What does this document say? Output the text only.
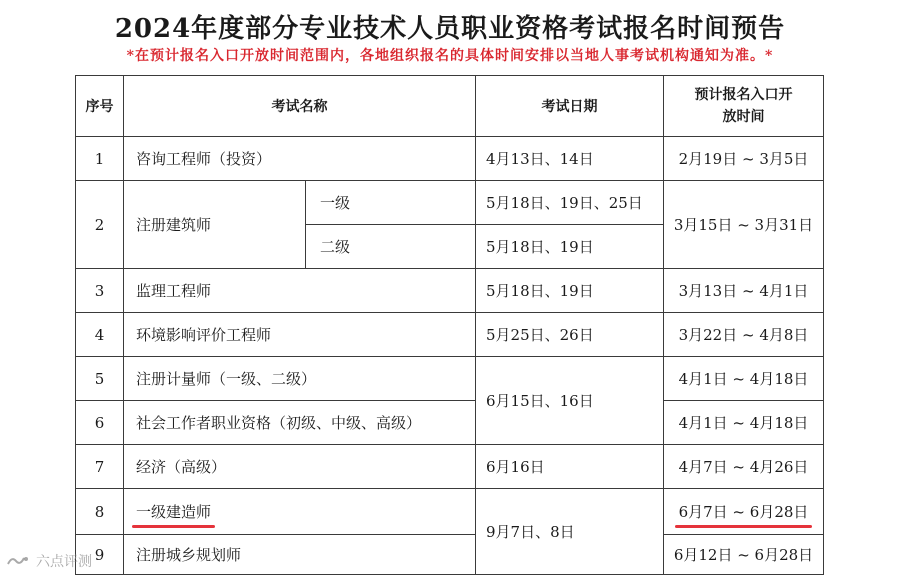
2024年度部分专业技术人员职业资格考试报名时间预告
*在预计报名入口开放时间范围内，各地组织报名的具体时间安排以当地人事考试机构通知为准。*
序号	考试名称		考试日期	预计报名入口开放时间

1	咨询工程师（投资）		4月13日、14日	2月19日 ~ 3月5日
2	注册建筑师	一级	5月18日、19日、25日	3月15日 ~ 3月31日
		二级	5月18日、19日	
3	监理工程师		5月18日、19日	3月13日 ~ 4月1日
4	环境影响评价工程师		5月25日、26日	3月22日 ~ 4月8日
5	注册计量师（一级、二级）		6月15日、16日	4月1日 ~ 4月18日
6	社会工作者职业资格（初级、中级、高级）			4月1日 ~ 4月18日
7	经济（高级）		6月16日	4月7日 ~ 4月26日
8	一级建造师		9月7日、8日	6月7日 ~ 6月28日
9	注册城乡规划师			6月12日 ~ 6月28日
六点评测
